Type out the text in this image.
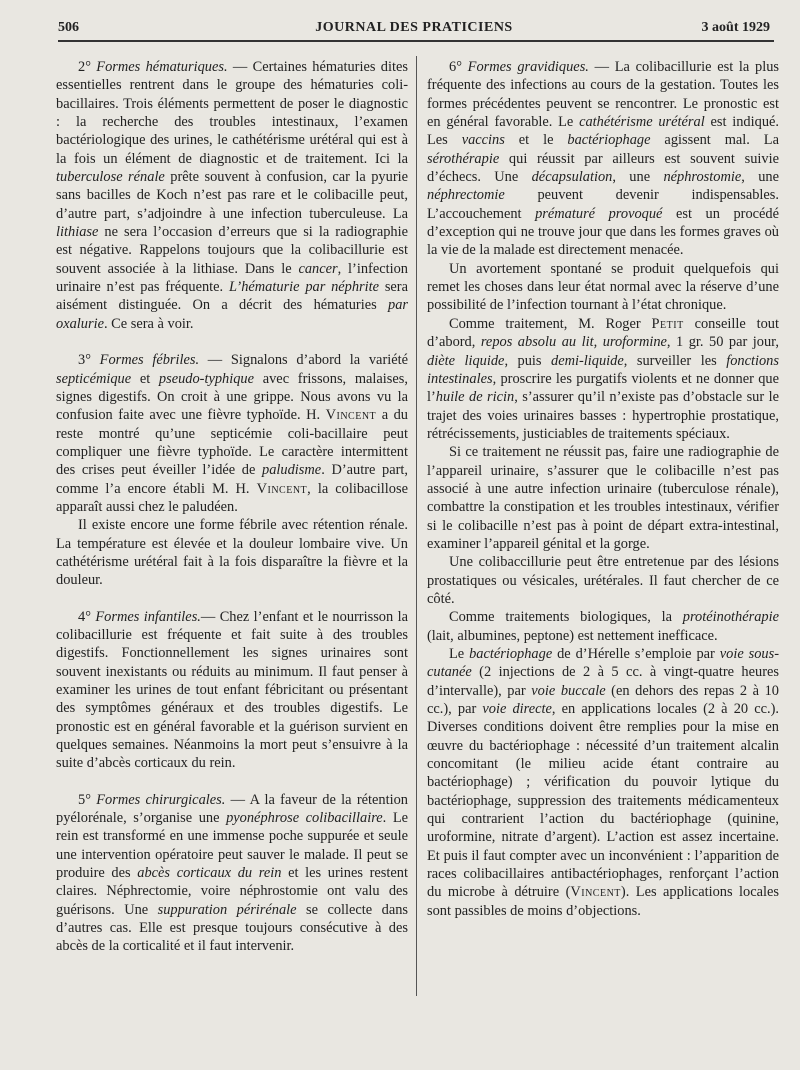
506	JOURNAL DES PRATICIENS	3 août 1929

2° Formes hématuriques. — Certaines hématuries dites essentielles rentrent dans le groupe des hématuries coli-bacillaires. Trois éléments permettent de poser le diagnostic : la recherche des troubles intestinaux, l’examen bactériologique des urines, le cathétérisme urétéral qui est à la fois un élément de diagnostic et de traitement. Ici la tuberculose rénale prête souvent à confusion, car la pyurie sans bacilles de Koch n’est pas rare et le colibacille peut, d’autre part, s’adjoindre à une infection tuberculeuse. La lithiase ne sera l’occasion d’erreurs que si la radiographie est négative. Rappelons toujours que la colibacillurie est souvent associée à la lithiase. Dans le cancer, l’infection urinaire n’est pas fréquente. L’hématurie par néphrite sera aisément distinguée. On a décrit des hématuries par oxalurie. Ce sera à voir.

3° Formes fébriles. — Signalons d’abord la variété septicémique et pseudo-typhique avec frissons, malaises, signes digestifs. On croit à une grippe. Nous avons vu la confusion faite avec une fièvre typhoïde. H. Vincent a du reste montré qu’une septicémie coli-bacillaire peut compliquer une fièvre typhoïde. Le caractère intermittent des crises peut éveiller l’idée de paludisme. D’autre part, comme l’a encore établi M. H. Vincent, la colibacillose apparaît aussi chez le paludéen.

Il existe encore une forme fébrile avec rétention rénale. La température est élevée et la douleur lombaire vive. Un cathétérisme urétéral fait à la fois disparaître la fièvre et la douleur.

4° Formes infantiles.— Chez l’enfant et le nourrisson la colibacillurie est fréquente et fait suite à des troubles digestifs. Fonctionnellement les signes urinaires sont souvent inexistants ou réduits au minimum. Il faut penser à examiner les urines de tout enfant fébricitant ou présentant des symptômes généraux et des troubles digestifs. Le pronostic est en général favorable et la guérison survient en quelques semaines. Néanmoins la mort peut s’ensuivre à la suite d’abcès corticaux du rein.

5° Formes chirurgicales. — A la faveur de la rétention pyélorénale, s’organise une pyonéphrose colibacillaire. Le rein est transformé en une immense poche suppurée et seule une intervention opératoire peut sauver le malade. Il peut se produire des abcès corticaux du rein et les urines restent claires. Néphrectomie, voire néphrostomie ont valu des guérisons. Une suppuration périrénale se collecte dans d’autres cas. Elle est presque toujours consécutive à des abcès de la corticalité et il faut intervenir.

6° Formes gravidiques. — La colibacillurie est la plus fréquente des infections au cours de la gestation. Toutes les formes précédentes peuvent se rencontrer. Le pronostic est en général favorable. Le cathétérisme urétéral est indiqué. Les vaccins et le bactériophage agissent mal. La sérothérapie qui réussit par ailleurs est souvent suivie d’échecs. Une décapsulation, une néphrostomie, une néphrectomie peuvent devenir indispensables. L’accouchement prématuré provoqué est un procédé d’exception qui ne trouve jour que dans les formes graves où la vie de la malade est directement menacée.

Un avortement spontané se produit quelquefois qui remet les choses dans leur état normal avec la réserve d’une possibilité de l’infection tournant à l’état chronique.

Comme traitement, M. Roger Petit conseille tout d’abord, repos absolu au lit, uroformine, 1 gr. 50 par jour, diète liquide, puis demi-liquide, surveiller les fonctions intestinales, proscrire les purgatifs violents et ne donner que l’huile de ricin, s’assurer qu’il n’existe pas d’obstacle sur le trajet des voies urinaires basses : hypertrophie prostatique, rétrécissements, justiciables de traitements spéciaux.

Si ce traitement ne réussit pas, faire une radiographie de l’appareil urinaire, s’assurer que le colibacille n’est pas associé à une autre infection urinaire (tuberculose rénale), combattre la constipation et les troubles intestinaux, vérifier si le colibacille n’est pas à point de départ extra-intestinal, examiner l’appareil génital et la gorge.

Une colibaccillurie peut être entretenue par des lésions prostatiques ou vésicales, urétérales. Il faut chercher de ce côté.

Comme traitements biologiques, la protéinothérapie (lait, albumines, peptone) est nettement inefficace.

Le bactériophage de d’Hérelle s’emploie par voie sous-cutanée (2 injections de 2 à 5 cc. à vingt-quatre heures d’intervalle), par voie buccale (en dehors des repas 2 à 10 cc.), par voie directe, en applications locales (2 à 20 cc.). Diverses conditions doivent être remplies pour la mise en œuvre du bactériophage : nécessité d’un traitement alcalin concomitant (le milieu acide étant contraire au bactériophage) ; vérification du pouvoir lytique du bactériophage, suppression des traitements médicamenteux qui contrarient l’action du bactériophage (quinine, uroformine, nitrate d’argent). L’action est assez incertaine. Et puis il faut compter avec un inconvénient : l’apparition de races colibacillaires antibactériophages, renforçant l’action du microbe à détruire (Vincent). Les applications locales sont passibles de moins d’objections.
